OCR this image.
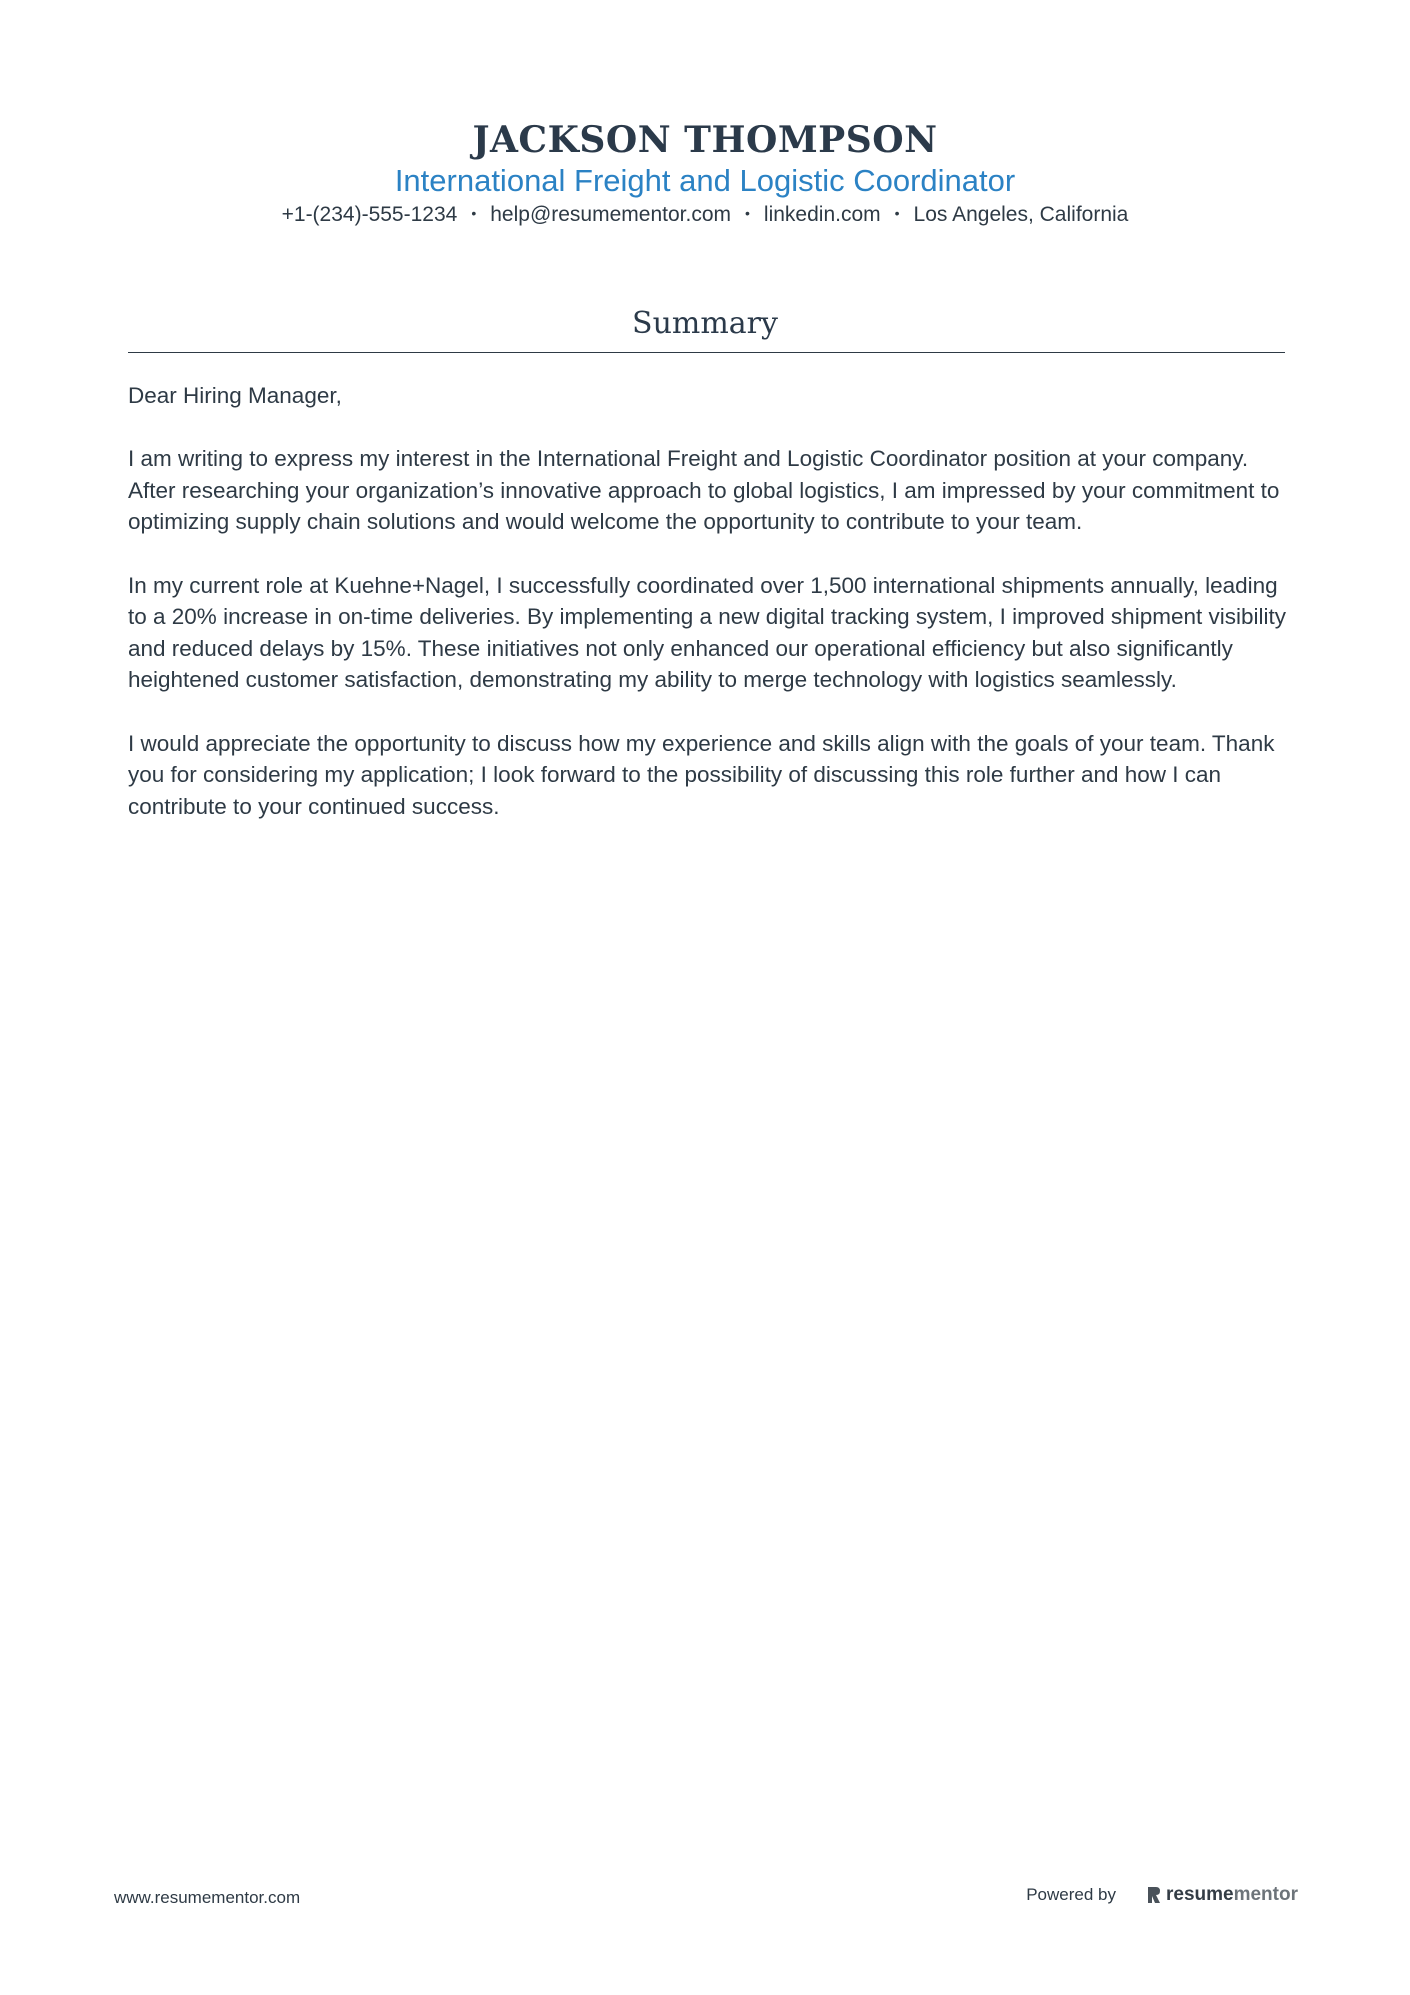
JACKSON THOMPSON
International Freight and Logistic Coordinator
+1-(234)-555-1234 • help@resumementor.com • linkedin.com • Los Angeles, California
Summary

Dear Hiring Manager,

I am writing to express my interest in the International Freight and Logistic Coordinator position at your company. After researching your organization’s innovative approach to global logistics, I am impressed by your commitment to optimizing supply chain solutions and would welcome the opportunity to contribute to your team.

In my current role at Kuehne+Nagel, I successfully coordinated over 1,500 international shipments annually, leading to a 20% increase in on-time deliveries. By implementing a new digital tracking system, I improved shipment visibility and reduced delays by 15%. These initiatives not only enhanced our operational efficiency but also significantly heightened customer satisfaction, demonstrating my ability to merge technology with logistics seamlessly.

I would appreciate the opportunity to discuss how my experience and skills align with the goals of your team. Thank you for considering my application; I look forward to the possibility of discussing this role further and how I can contribute to your continued success.

www.resumementor.com	Powered by	resume mentor
